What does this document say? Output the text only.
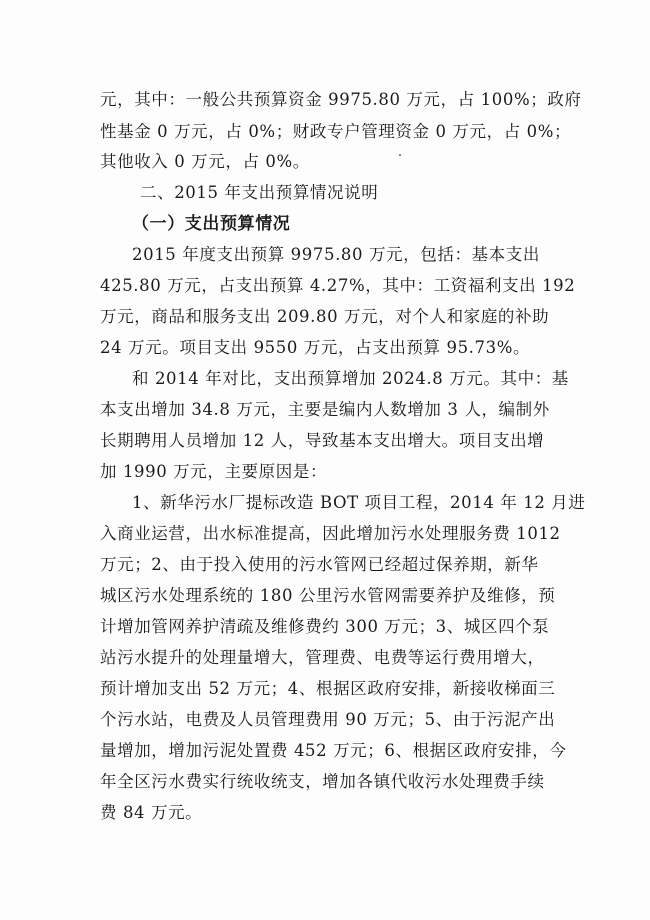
元，其中：一般公共预算资金 9975.80 万元，占 100%；政府
性基金 0 万元，占 0%；财政专户管理资金 0 万元，占 0%；
其他收入 0 万元，占 0%。
二、2015 年支出预算情况说明
（一）支出预算情况
2015 年度支出预算 9975.80 万元，包括：基本支出
425.80 万元，占支出预算 4.27%，其中：工资福利支出 192
万元，商品和服务支出 209.80 万元，对个人和家庭的补助
24 万元。项目支出 9550 万元，占支出预算 95.73%。
和 2014 年对比，支出预算增加 2024.8 万元。其中：基
本支出增加 34.8 万元，主要是编内人数增加 3 人，编制外
长期聘用人员增加 12 人，导致基本支出增大。项目支出增
加 1990 万元，主要原因是：
1、新华污水厂提标改造 BOT 项目工程，2014 年 12 月进
入商业运营，出水标准提高，因此增加污水处理服务费 1012
万元；2、由于投入使用的污水管网已经超过保养期，新华
城区污水处理系统的 180 公里污水管网需要养护及维修，预
计增加管网养护清疏及维修费约 300 万元；3、城区四个泵
站污水提升的处理量增大，管理费、电费等运行费用增大，
预计增加支出 52 万元；4、根据区政府安排，新接收梯面三
个污水站，电费及人员管理费用 90 万元；5、由于污泥产出
量增加，增加污泥处置费 452 万元；6、根据区政府安排，今
年全区污水费实行统收统支，增加各镇代收污水处理费手续
费 84 万元。
